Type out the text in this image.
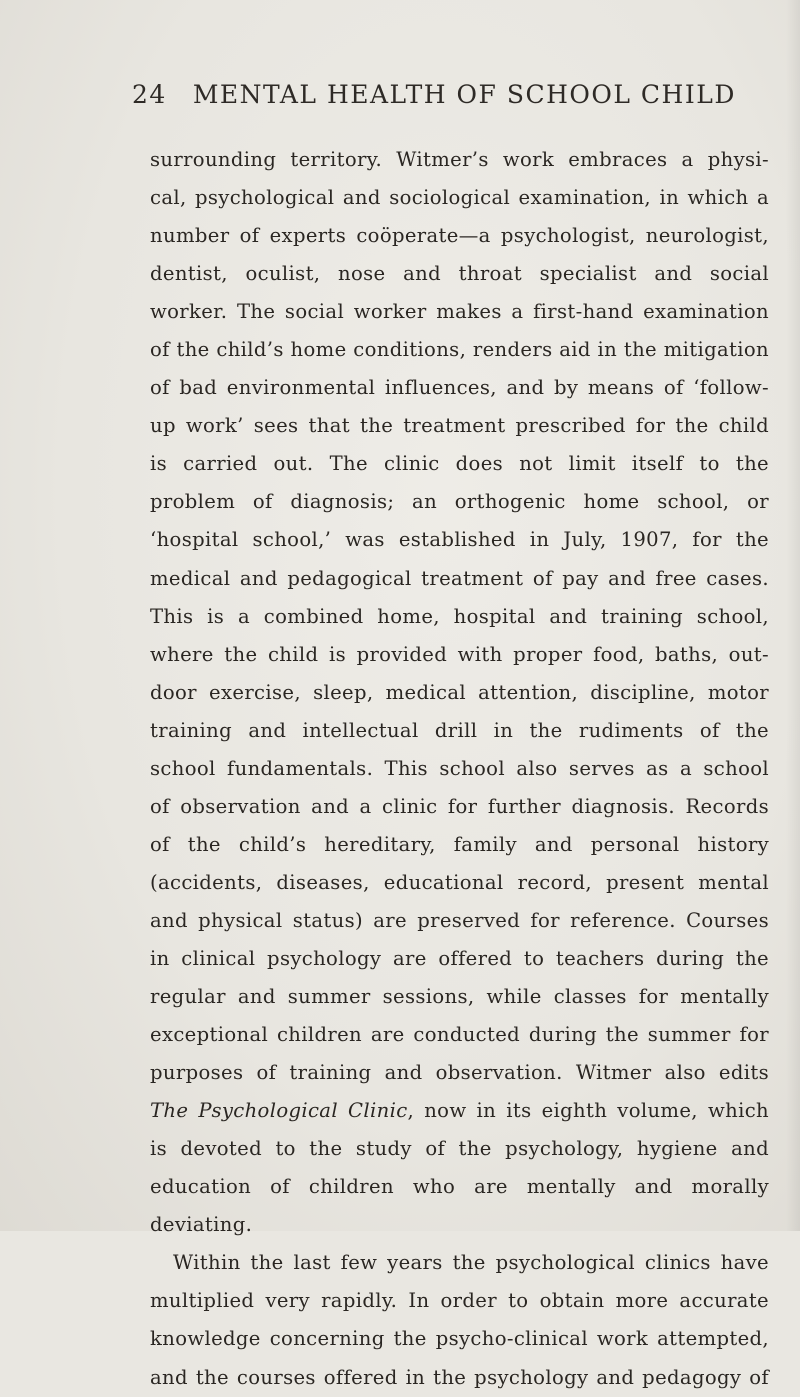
24 MENTAL HEALTH OF SCHOOL CHILD
surrounding territory. Witmer’s work embraces a physi-
cal, psychological and sociological examination, in which a
number of experts coöperate—a psychologist, neurologist,
dentist, oculist, nose and throat specialist and social
worker. The social worker makes a first-hand examination
of the child’s home conditions, renders aid in the mitigation
of bad environmental influences, and by means of ‘follow-
up work’ sees that the treatment prescribed for the child
is carried out. The clinic does not limit itself to the
problem of diagnosis; an orthogenic home school, or
‘hospital school,’ was established in July, 1907, for the
medical and pedagogical treatment of pay and free cases.
This is a combined home, hospital and training school,
where the child is provided with proper food, baths, out-
door exercise, sleep, medical attention, discipline, motor
training and intellectual drill in the rudiments of the
school fundamentals. This school also serves as a school
of observation and a clinic for further diagnosis. Records
of the child’s hereditary, family and personal history
(accidents, diseases, educational record, present mental
and physical status) are preserved for reference. Courses
in clinical psychology are offered to teachers during the
regular and summer sessions, while classes for mentally
exceptional children are conducted during the summer for
purposes of training and observation. Witmer also edits
The Psychological Clinic, now in its eighth volume, which
is devoted to the study of the psychology, hygiene and
education of children who are mentally and morally
deviating.
Within the last few years the psychological clinics have
multiplied very rapidly. In order to obtain more accurate
knowledge concerning the psycho-clinical work attempted,
and the courses offered in the psychology and pedagogy of
